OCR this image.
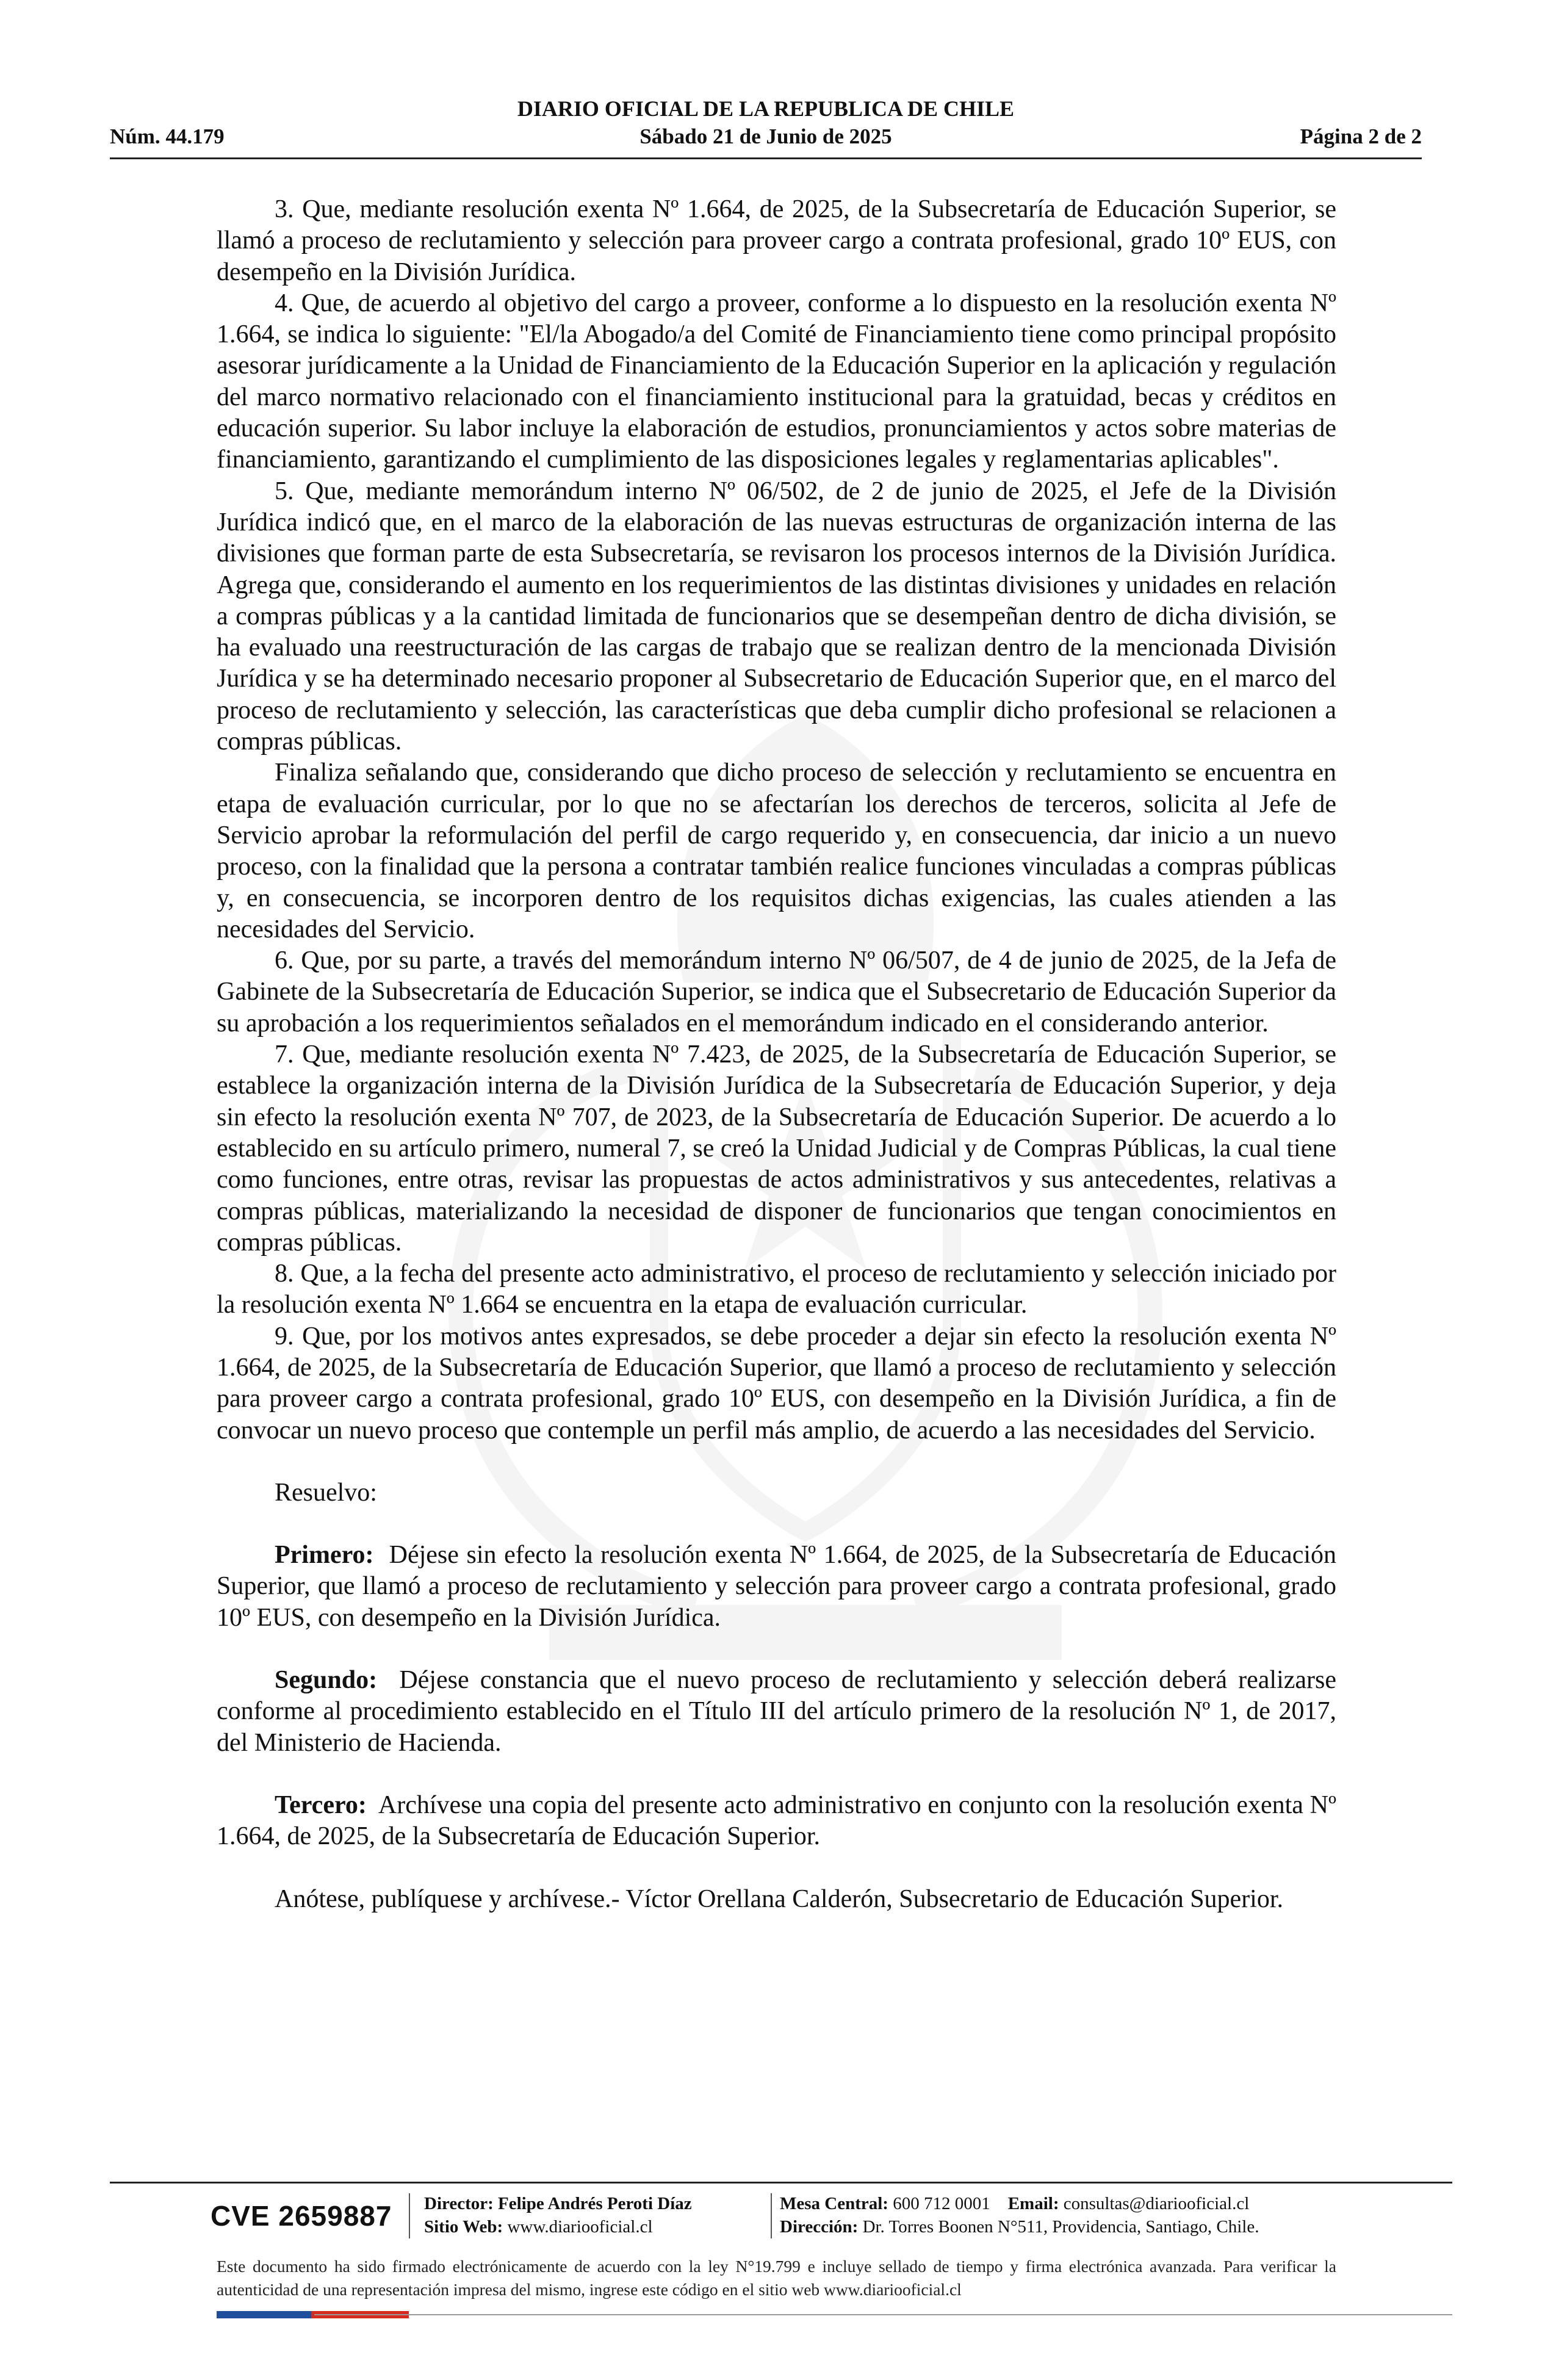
DIARIO OFICIAL DE LA REPUBLICA DE CHILE
Núm. 44.179	Sábado 21 de Junio de 2025	Página 2 de 2

3. Que, mediante resolución exenta Nº 1.664, de 2025, de la Subsecretaría de Educación Superior, se llamó a proceso de reclutamiento y selección para proveer cargo a contrata profesional, grado 10º EUS, con desempeño en la División Jurídica.

4. Que, de acuerdo al objetivo del cargo a proveer, conforme a lo dispuesto en la resolución exenta Nº 1.664, se indica lo siguiente: "El/la Abogado/a del Comité de Financiamiento tiene como principal propósito asesorar jurídicamente a la Unidad de Financiamiento de la Educación Superior en la aplicación y regulación del marco normativo relacionado con el financiamiento institucional para la gratuidad, becas y créditos en educación superior. Su labor incluye la elaboración de estudios, pronunciamientos y actos sobre materias de financiamiento, garantizando el cumplimiento de las disposiciones legales y reglamentarias aplicables".

5. Que, mediante memorándum interno Nº 06/502, de 2 de junio de 2025, el Jefe de la División Jurídica indicó que, en el marco de la elaboración de las nuevas estructuras de organización interna de las divisiones que forman parte de esta Subsecretaría, se revisaron los procesos internos de la División Jurídica. Agrega que, considerando el aumento en los requerimientos de las distintas divisiones y unidades en relación a compras públicas y a la cantidad limitada de funcionarios que se desempeñan dentro de dicha división, se ha evaluado una reestructuración de las cargas de trabajo que se realizan dentro de la mencionada División Jurídica y se ha determinado necesario proponer al Subsecretario de Educación Superior que, en el marco del proceso de reclutamiento y selección, las características que deba cumplir dicho profesional se relacionen a compras públicas.

Finaliza señalando que, considerando que dicho proceso de selección y reclutamiento se encuentra en etapa de evaluación curricular, por lo que no se afectarían los derechos de terceros, solicita al Jefe de Servicio aprobar la reformulación del perfil de cargo requerido y, en consecuencia, dar inicio a un nuevo proceso, con la finalidad que la persona a contratar también realice funciones vinculadas a compras públicas y, en consecuencia, se incorporen dentro de los requisitos dichas exigencias, las cuales atienden a las necesidades del Servicio.

6. Que, por su parte, a través del memorándum interno Nº 06/507, de 4 de junio de 2025, de la Jefa de Gabinete de la Subsecretaría de Educación Superior, se indica que el Subsecretario de Educación Superior da su aprobación a los requerimientos señalados en el memorándum indicado en el considerando anterior.

7. Que, mediante resolución exenta Nº 7.423, de 2025, de la Subsecretaría de Educación Superior, se establece la organización interna de la División Jurídica de la Subsecretaría de Educación Superior, y deja sin efecto la resolución exenta Nº 707, de 2023, de la Subsecretaría de Educación Superior. De acuerdo a lo establecido en su artículo primero, numeral 7, se creó la Unidad Judicial y de Compras Públicas, la cual tiene como funciones, entre otras, revisar las propuestas de actos administrativos y sus antecedentes, relativas a compras públicas, materializando la necesidad de disponer de funcionarios que tengan conocimientos en compras públicas.

8. Que, a la fecha del presente acto administrativo, el proceso de reclutamiento y selección iniciado por la resolución exenta Nº 1.664 se encuentra en la etapa de evaluación curricular.

9. Que, por los motivos antes expresados, se debe proceder a dejar sin efecto la resolución exenta Nº 1.664, de 2025, de la Subsecretaría de Educación Superior, que llamó a proceso de reclutamiento y selección para proveer cargo a contrata profesional, grado 10º EUS, con desempeño en la División Jurídica, a fin de convocar un nuevo proceso que contemple un perfil más amplio, de acuerdo a las necesidades del Servicio.

Resuelvo:

Primero: Déjese sin efecto la resolución exenta Nº 1.664, de 2025, de la Subsecretaría de Educación Superior, que llamó a proceso de reclutamiento y selección para proveer cargo a contrata profesional, grado 10º EUS, con desempeño en la División Jurídica.

Segundo: Déjese constancia que el nuevo proceso de reclutamiento y selección deberá realizarse conforme al procedimiento establecido en el Título III del artículo primero de la resolución Nº 1, de 2017, del Ministerio de Hacienda.

Tercero: Archívese una copia del presente acto administrativo en conjunto con la resolución exenta Nº 1.664, de 2025, de la Subsecretaría de Educación Superior.

Anótese, publíquese y archívese.- Víctor Orellana Calderón, Subsecretario de Educación Superior.

CVE 2659887 Director: Felipe Andrés Peroti Díaz
Sitio Web: www.diariooficial.cl
Mesa Central: 600 712 0001 Email: consultas@diariooficial.cl
Dirección: Dr. Torres Boonen N°511, Providencia, Santiago, Chile.
Este documento ha sido firmado electrónicamente de acuerdo con la ley N°19.799 e incluye sellado de tiempo y firma electrónica avanzada. Para verificar la autenticidad de una representación impresa del mismo, ingrese este código en el sitio web www.diariooficial.cl
